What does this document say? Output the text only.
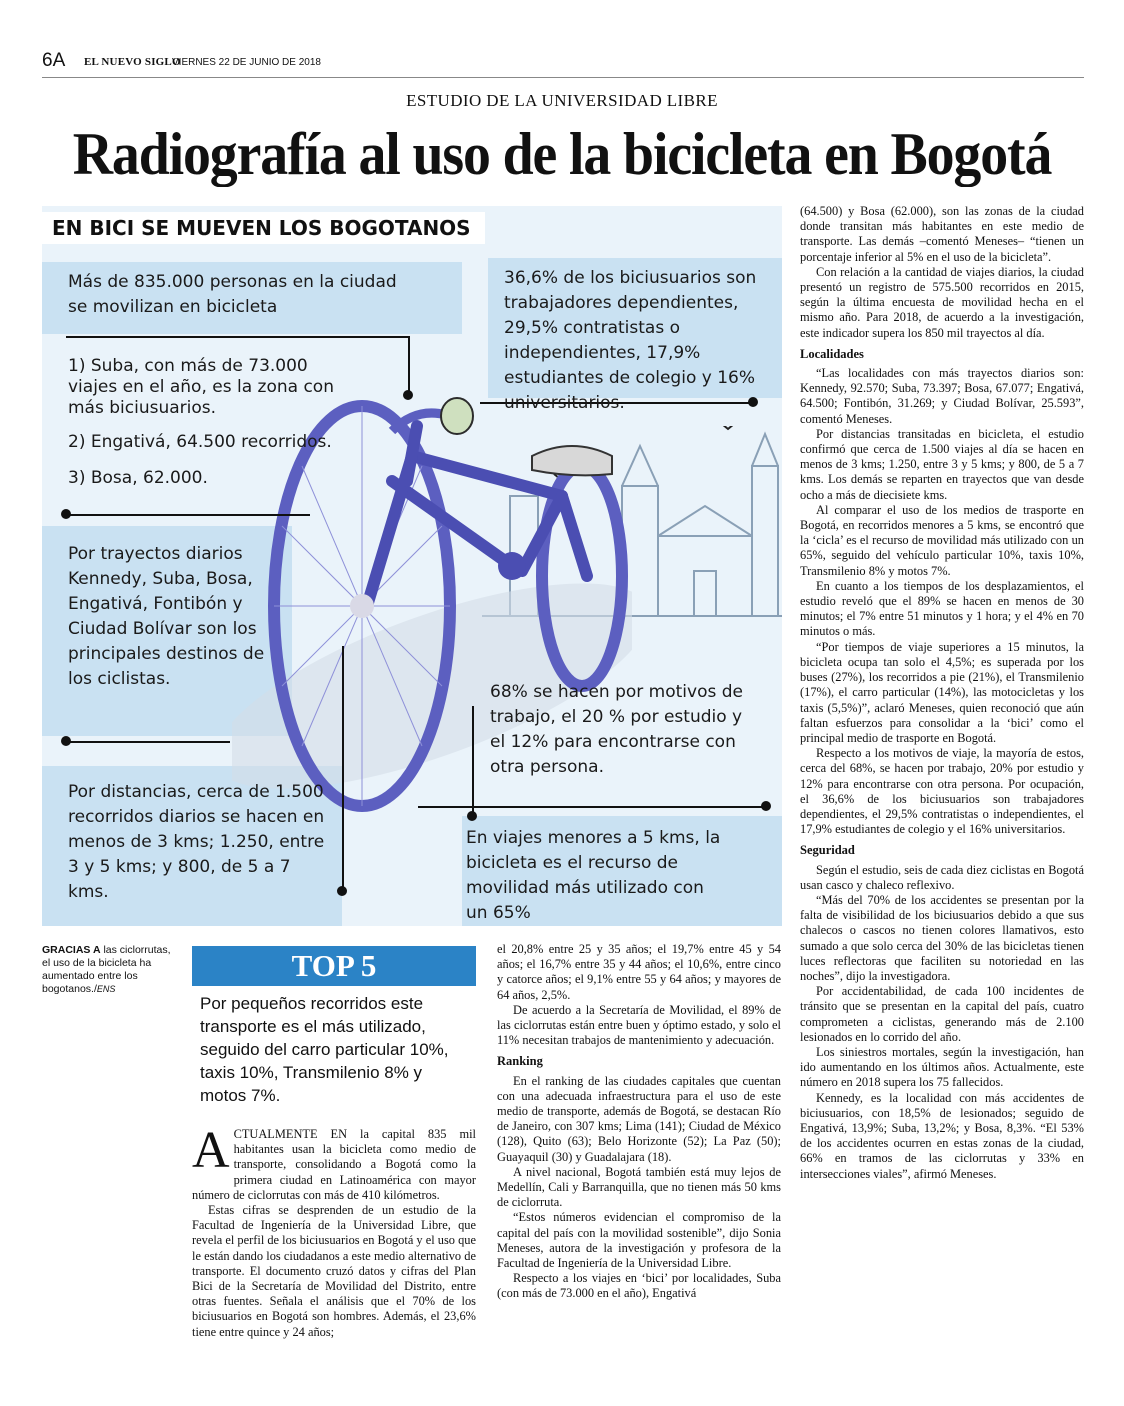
6A EL NUEVO SIGLO
VIERNES 22 DE JUNIO DE 2018
ESTUDIO DE LA UNIVERSIDAD LIBRE
Radiografía al uso de la bicicleta en Bogotá
EN BICI SE MUEVEN LOS BOGOTANOS
Más de 835.000 personas en la ciudad se movilizan en bicicleta
36,6% de los biciusuarios son trabajadores dependientes, 29,5% contratistas o independientes, 17,9% estudiantes de colegio y 16% universitarios.
1) Suba, con más de 73.000 viajes en el año, es la zona con más biciusuarios.
2) Engativá, 64.500 recorridos.
3) Bosa, 62.000.
Por trayectos diarios Kennedy, Suba, Bosa, Engativá, Fontibón y Ciudad Bolívar son los principales destinos de los ciclistas.
Por distancias, cerca de 1.500 recorridos diarios se hacen en menos de 3 kms; 1.250, entre 3 y 5 kms; y 800, de 5 a 7 kms.
68% se hacen por motivos de trabajo, el 20 % por estudio y el 12% para encontrarse con otra persona.
En viajes menores a 5 kms, la bicicleta es el recurso de movilidad más utilizado con un 65%
GRACIAS A las ciclorrutas, el uso de la bicicleta ha aumentado entre los bogotanos./ENS
TOP 5
Por pequeños recorridos este transporte es el más utilizado, seguido del carro particular 10%, taxis 10%, Transmilenio 8% y motos 7%.

ACTUALMENTE EN la capital 835 mil habitantes usan la bicicleta como medio de transporte, consolidando a Bogotá como la primera ciudad en Latinoamérica con mayor número de ciclorrutas con más de 410 kilómetros.

Estas cifras se desprenden de un estudio de la Facultad de Ingeniería de la Universidad Libre, que revela el perfil de los biciusuarios en Bogotá y el uso que le están dando los ciudadanos a este medio alternativo de transporte. El documento cruzó datos y cifras del Plan Bici de la Secretaría de Movilidad del Distrito, entre otras fuentes. Señala el análisis que el 70% de los biciusuarios en Bogotá son hombres. Además, el 23,6% tiene entre quince y 24 años;

el 20,8% entre 25 y 35 años; el 19,7% entre 45 y 54 años; el 16,7% entre 35 y 44 años; el 10,6%, entre cinco y catorce años; el 9,1% entre 55 y 64 años; y mayores de 64 años, 2,5%.

De acuerdo a la Secretaría de Movilidad, el 89% de las ciclorrutas están entre buen y óptimo estado, y solo el 11% necesitan trabajos de mantenimiento y adecuación.

Ranking

En el ranking de las ciudades capitales que cuentan con una adecuada infraestructura para el uso de este medio de transporte, además de Bogotá, se destacan Río de Janeiro, con 307 kms; Lima (141); Ciudad de México (128), Quito (63); Belo Horizonte (52); La Paz (50); Guayaquil (30) y Guadalajara (18).

A nivel nacional, Bogotá también está muy lejos de Medellín, Cali y Barranquilla, que no tienen más 50 kms de ciclorruta.

“Estos números evidencian el compromiso de la capital del país con la movilidad sostenible”, dijo Sonia Meneses, autora de la investigación y profesora de la Facultad de Ingeniería de la Universidad Libre.

Respecto a los viajes en ‘bici’ por localidades, Suba (con más de 73.000 en el año), Engativá

(64.500) y Bosa (62.000), son las zonas de la ciudad donde transitan más habitantes en este medio de transporte. Las demás –comentó Meneses– “tienen un porcentaje inferior al 5% en el uso de la bicicleta”.

Con relación a la cantidad de viajes diarios, la ciudad presentó un registro de 575.500 recorridos en 2015, según la última encuesta de movilidad hecha en el mismo año. Para 2018, de acuerdo a la investigación, este indicador supera los 850 mil trayectos al día.

Localidades

“Las localidades con más trayectos diarios son: Kennedy, 92.570; Suba, 73.397; Bosa, 67.077; Engativá, 64.500; Fontibón, 31.269; y Ciudad Bolívar, 25.593”, comentó Meneses.

Por distancias transitadas en bicicleta, el estudio confirmó que cerca de 1.500 viajes al día se hacen en menos de 3 kms; 1.250, entre 3 y 5 kms; y 800, de 5 a 7 kms. Los demás se reparten en trayectos que van desde ocho a más de diecisiete kms.

Al comparar el uso de los medios de trasporte en Bogotá, en recorridos menores a 5 kms, se encontró que la ‘cicla’ es el recurso de movilidad más utilizado con un 65%, seguido del vehículo particular 10%, taxis 10%, Transmilenio 8% y motos 7%.

En cuanto a los tiempos de los desplazamientos, el estudio reveló que el 89% se hacen en menos de 30 minutos; el 7% entre 51 minutos y 1 hora; y el 4% en 70 minutos o más.

“Por tiempos de viaje superiores a 15 minutos, la bicicleta ocupa tan solo el 4,5%; es superada por los buses (27%), los recorridos a pie (21%), el Transmilenio (17%), el carro particular (14%), las motocicletas y los taxis (5,5%)”, aclaró Meneses, quien reconoció que aún faltan esfuerzos para consolidar a la ‘bici’ como el principal medio de trasporte en Bogotá.

Respecto a los motivos de viaje, la mayoría de estos, cerca del 68%, se hacen por trabajo, 20% por estudio y 12% para encontrarse con otra persona. Por ocupación, el 36,6% de los biciusuarios son trabajadores dependientes, el 29,5% contratistas o independientes, el 17,9% estudiantes de colegio y el 16% universitarios.

Seguridad

Según el estudio, seis de cada diez ciclistas en Bogotá usan casco y chaleco reflexivo.

“Más del 70% de los accidentes se presentan por la falta de visibilidad de los biciusuarios debido a que sus chalecos o cascos no tienen colores llamativos, esto sumado a que solo cerca del 30% de las bicicletas tienen luces reflectoras que faciliten su notoriedad en las noches”, dijo la investigadora.

Por accidentabilidad, de cada 100 incidentes de tránsito que se presentan en la capital del país, cuatro comprometen a ciclistas, generando más de 2.100 lesionados en lo corrido del año.

Los siniestros mortales, según la investigación, han ido aumentando en los últimos años. Actualmente, este número en 2018 supera los 75 fallecidos.

Kennedy, es la localidad con más accidentes de biciusuarios, con 18,5% de lesionados; seguido de Engativá, 13,9%; Suba, 13,2%; y Bosa, 8,3%. “El 53% de los accidentes ocurren en estas zonas de la ciudad, 66% en tramos de las ciclorrutas y 33% en intersecciones viales”, afirmó Meneses.
